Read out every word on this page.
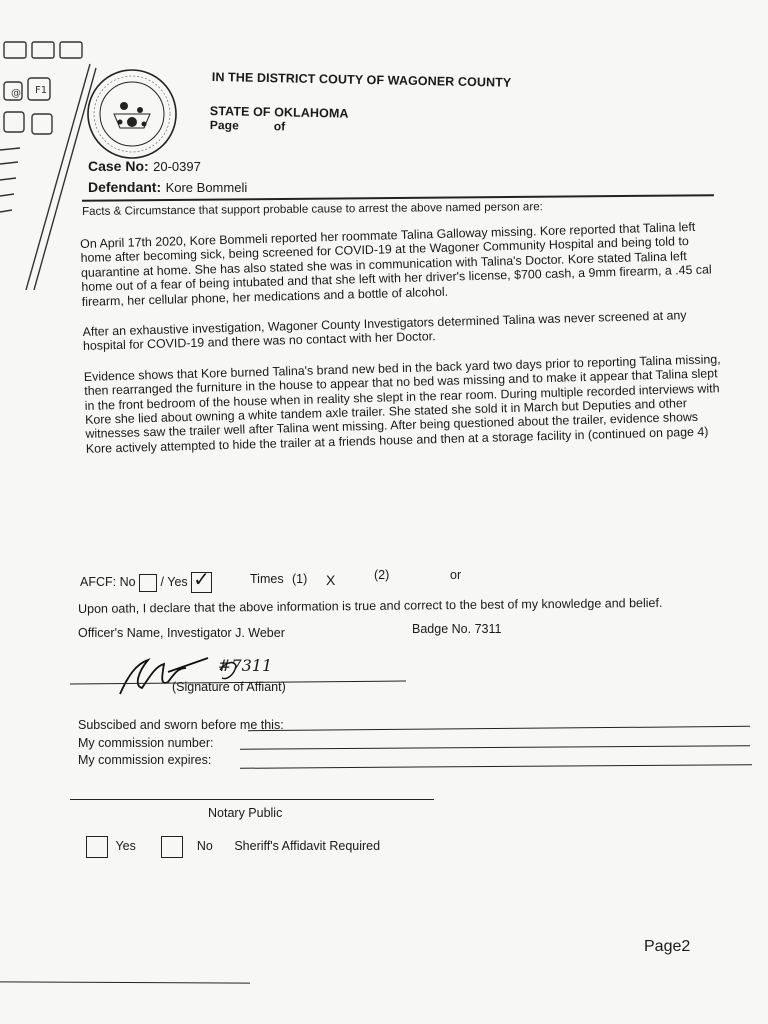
@ F1
IN THE DISTRICT COUTY OF WAGONER COUNTY
STATE OF OKLAHOMA
Page	of
Case No: 20-0397
Defendant: Kore Bommeli
Facts & Circumstance that support probable cause to arrest the above named person are:

On April 17th 2020, Kore Bommeli reported her roommate Talina Galloway missing. Kore reported that Talina left home after becoming sick, being screened for COVID-19 at the Wagoner Community Hospital and being told to quarantine at home. She has also stated she was in communication with Talina's Doctor. Kore stated Talina left home out of a fear of being intubated and that she left with her driver's license, $700 cash, a 9mm firearm, a .45 cal firearm, her cellular phone, her medications and a bottle of alcohol.

After an exhaustive investigation, Wagoner County Investigators determined Talina was never screened at any hospital for COVID-19 and there was no contact with her Doctor.

Evidence shows that Kore burned Talina's brand new bed in the back yard two days prior to reporting Talina missing, then rearranged the furniture in the house to appear that no bed was missing and to make it appear that Talina slept in the front bedroom of the house when in reality she slept in the rear room. During multiple recorded interviews with Kore she lied about owning a white tandem axle trailer. She stated she sold it in March but Deputies and other witnesses saw the trailer well after Talina went missing. After being questioned about the trailer, evidence shows Kore actively attempted to hide the trailer at a friends house and then at a storage facility in (continued on page 4)

AFCF: No / Yes ✓	Times (1) X	(2)	or
Upon oath, I declare that the above information is true and correct to the best of my knowledge and belief.
Officer's Name, Investigator J. Weber	Badge No. 7311
#7311
(Signature of Affiant)
Subscibed and sworn before me this:
My commission number:
My commission expires:
Notary Public
Yes	No Sheriff's Affidavit Required
Page2
